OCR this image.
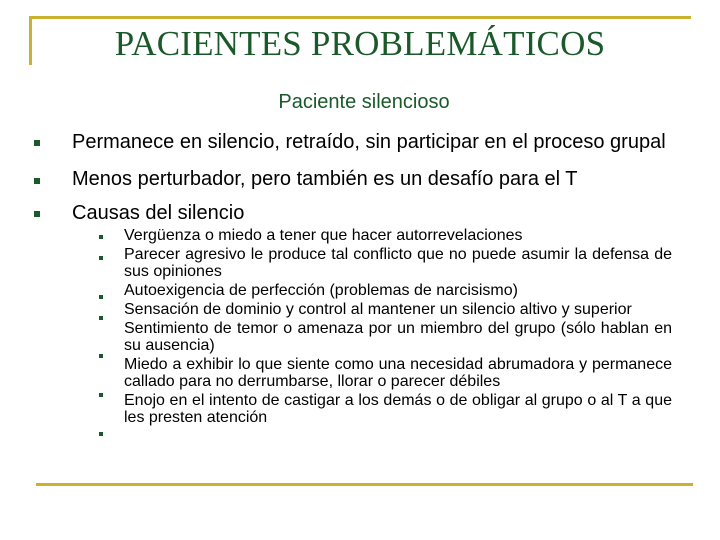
PACIENTES PROBLEMÁTICOS
Paciente silencioso
Permanece en silencio, retraído, sin participar en el proceso grupal
Menos perturbador, pero también es un desafío para el T
Causas del silencio
Vergüenza o miedo a tener que hacer autorrevelaciones
Parecer agresivo le produce tal conflicto que no puede asumir la defensa de sus opiniones
Autoexigencia de perfección (problemas de narcisismo)
Sensación de dominio y control al mantener un silencio altivo y superior
Sentimiento de temor o amenaza por un miembro del grupo (sólo hablan en su ausencia)
Miedo a exhibir lo que siente como una necesidad abrumadora y permanece callado para no derrumbarse, llorar o parecer débiles
Enojo en el intento de castigar a los demás o de obligar al grupo o al T a que les presten atención
